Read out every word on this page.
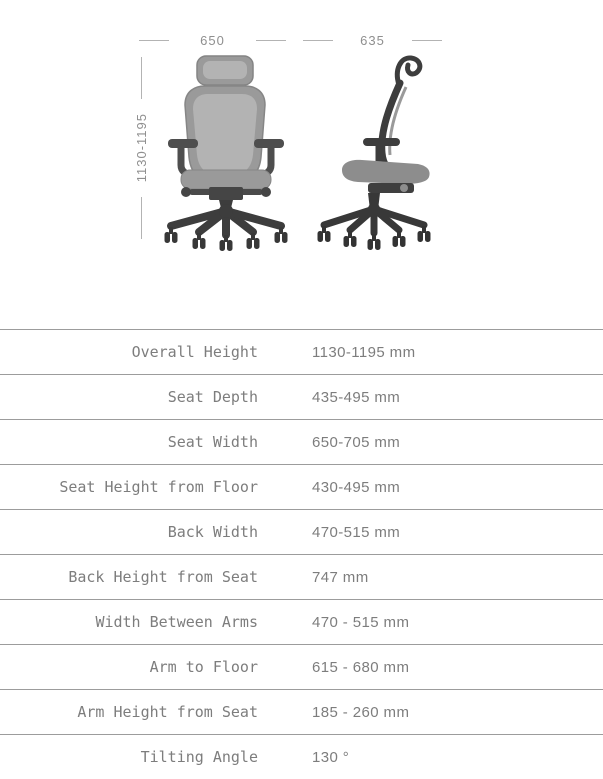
650	635
1130-1195
Overall Height	1130-1195 mm
Seat Depth	435-495 mm
Seat Width	650-705 mm
Seat Height from Floor	430-495 mm
Back Width	470-515 mm
Back Height from Seat	747 mm
Width Between Arms	470 - 515 mm
Arm to Floor	615 - 680 mm
Arm Height from Seat	185 - 260 mm
Tilting Angle	130 °
